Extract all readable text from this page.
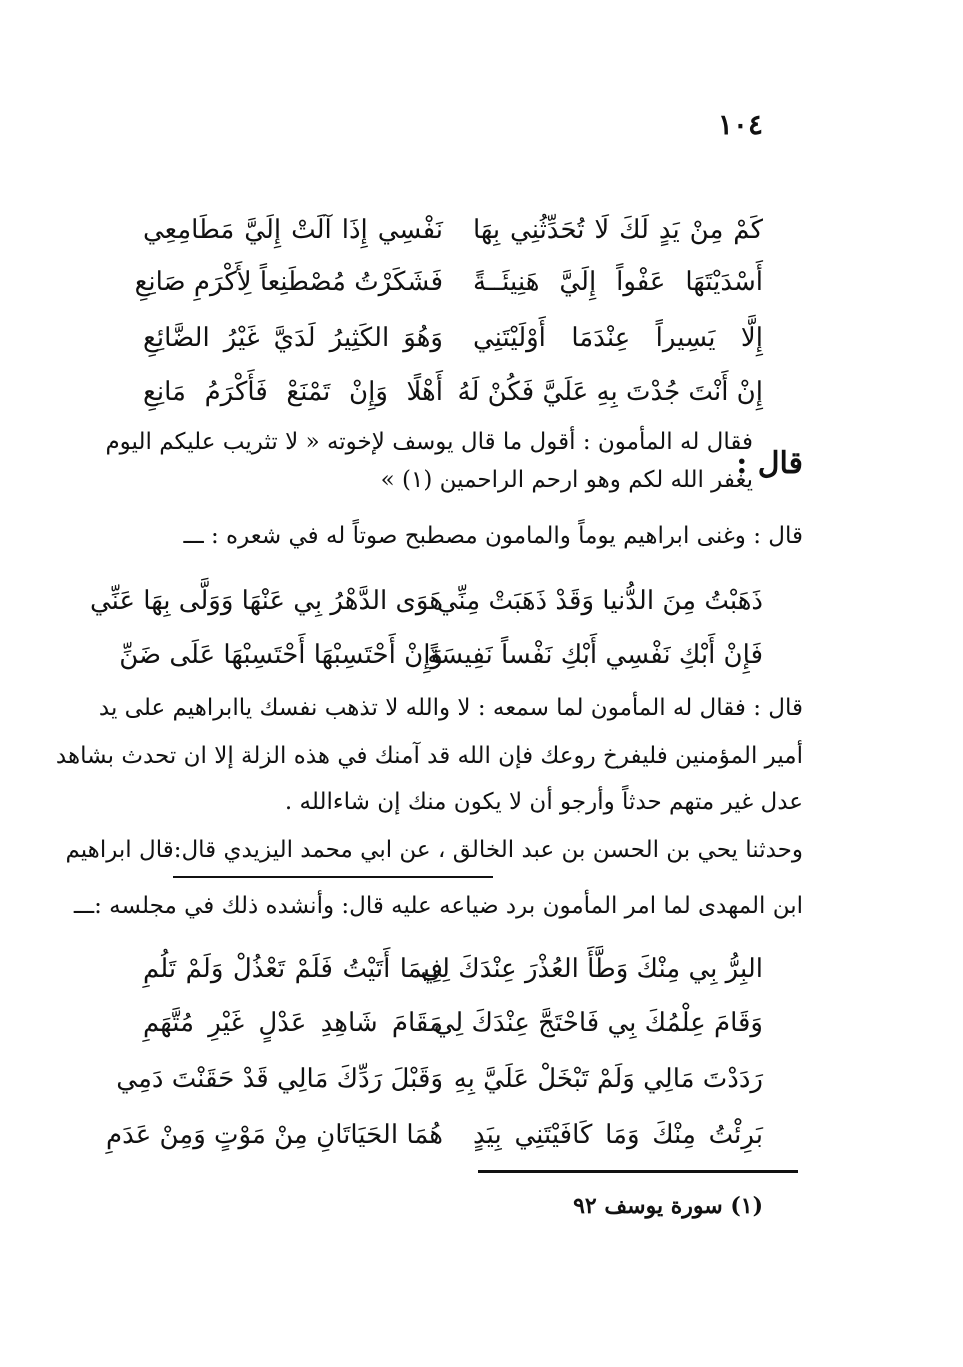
١٠٤
كَمْ مِنْ يَدٍ لَكَ لَا تُحَدِّثُنِي بِهَا
نَفْسِي إِذَا آلَتْ إِلَيَّ مَطَامِعِي
أَسْدَيْتَهَا عَفْواً إِلَيَّ هَنِيئَــةً
فَشَكَرْتُ مُصْطَنِعاً لِأَكْرَمِ صَانِعِ
إِلَّا يَسِيراً عِنْدَمَا أَوْلَيْتَنِي
وَهُوَ الكَثِيرُ لَدَيَّ غَيْرُ الضَّائِعِ
إِنْ أَنْتَ جُدْتَ بِهِ عَلَيَّ فَكُنْ لَهُ
أَهْلًا وَإِنْ تَمْنَعْ فَأَكْرَمُ مَانِعِ
قال :
فقال له المأمون : أقول ما قال يوسف لإخوته « لا تثريب عليكم اليوم
يغفر الله لكم وهو ارحم الراحمين (١) »
قال : وغنى ابراهيم يوماً والمامون مصطبح صوتاً له في شعره : ـــ
ذَهَبْتُ مِنَ الدُّنيا وَقَدْ ذَهَبَتْ مِنِّي
هَوَى الدَّهْرُ بِي عَنْهَا وَوَلَّى بِهَا عَنِّي
فَإِنْ أَبْكِ نَفْسِي أَبْكِ نَفْساً نَفِيسَةً
وَإِنْ أَحْتَسِبْهَا أَحْتَسِبْهَا عَلَى ضَنِّ
قال : فقال له المأمون لما سمعه : لا والله لا تذهب نفسك ياابراهيم على يد
أمير المؤمنين فليفرخ روعك فإن الله قد آمنك في هذه الزلة إلا ان تحدث بشاهد
عدل غير متهم حدثاً وأرجو أن لا يكون منك إن شاءالله .
وحدثنا يحي بن الحسن بن عبد الخالق ، عن ابي محمد اليزيدي قال:قال ابراهيم
ابن المهدى لما امر المأمون برد ضياعه عليه قال: وأنشده ذلك في مجلسه :ـــ
البِرُّ بِي مِنْكَ وَطَّأَ العُذْرَ عِنْدَكَ لِي
فِيمَا أَتَيْتُ فَلَمْ تَعْذُلْ وَلَمْ تَلُمِ
وَقَامَ عِلْمُكَ بِي فَاحْتَجَّ عِنْدَكَ لِي
مَقَامَ شَاهِدِ عَدْلٍ غَيْرِ مُتَّهَمِ
رَدَدْتَ مَالِي وَلَمْ تَبْخَلْ عَلَيَّ بِهِ
وَقَبْلَ رَدِّكَ مَالِي قَدْ حَقَنْتَ دَمِي
بَرِئْتُ مِنْكَ وَمَا كَافَيْتَنِي بِيَدٍ
هُمَا الحَيَاتَانِ مِنْ مَوْتٍ وَمِنْ عَدَمِ
(١) سورة يوسف ٩٢
